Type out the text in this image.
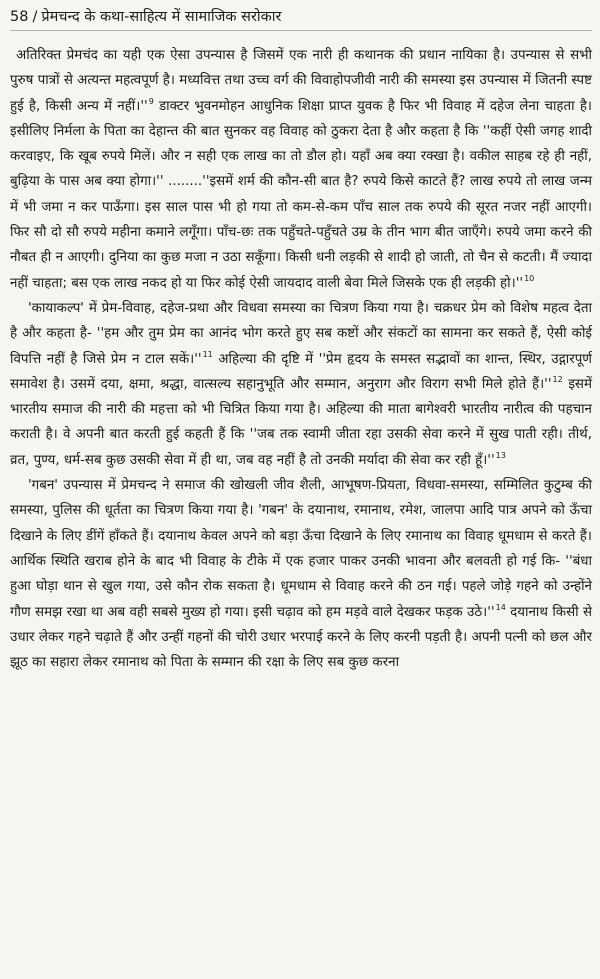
58 / प्रेमचन्द के कथा-साहित्य में सामाजिक सरोकार

अतिरिक्त प्रेमचंद का यही एक ऐसा उपन्यास है जिसमें एक नारी ही कथानक की प्रधान नायिका है। उपन्यास से सभी पुरुष पात्रों से अत्यन्त महत्वपूर्ण है। मध्यवित्त तथा उच्च वर्ग की विवाहोपजीवी नारी की समस्या इस उपन्यास में जितनी स्पष्ट हुई है, किसी अन्य में $नहीं।''^9$ डाक्टर भुवनमोहन आधुनिक शिक्षा प्राप्त युवक है फिर भी विवाह में दहेज लेना चाहता है। इसीलिए निर्मला के पिता का देहान्त की बात सुनकर वह विवाह को ठुकरा देता है और कहता है कि ''कहीं ऐसी जगह शादी करवाइए, कि खूब रुपये मिलें। और न सही एक लाख का तो डौल हो। यहाँ अब क्या रक्खा है। वकील साहब रहे ही नहीं, बुढ़िया के पास अब क्या होगा।'' ........''इसमें शर्म की कौन-सी बात है? रुपये किसे काटते हैं? लाख रुपये तो लाख जन्म में भी जमा न कर पाऊँगा। इस साल पास भी हो गया तो कम-से-कम पाँच साल तक रुपये की सूरत नजर नहीं आएगी। फिर सौ दो सौ रुपये महीना कमाने लगूँगा। पाँच-छः तक पहुँचते-पहुँचते उम्र के तीन भाग बीत जाएँगे। रुपये जमा करने की नौबत ही न आएगी। दुनिया का कुछ मजा न उठा सकूँगा। किसी धनी लड़की से शादी हो जाती, तो चैन से कटती। मैं ज्यादा नहीं चाहता; बस एक लाख नकद हो या फिर कोई ऐसी जायदाद वाली बेवा मिले जिसके एक ही लड़की $हो।''^{10}$

'कायाकल्प' में प्रेम-विवाह, दहेज-प्रथा और विधवा समस्या का चित्रण किया गया है। चक्रधर प्रेम को विशेष महत्व देता है और कहता है- ''हम और तुम प्रेम का आनंद भोग करते हुए सब कष्टों और संकटों का सामना कर सकते हैं, ऐसी कोई विपत्ति नहीं है जिसे प्रेम न टाल $सकें।''^{11}$ अहिल्या की दृष्टि में ''प्रेम हृदय के समस्त सद्भावों का शान्त, स्थिर, उद्गारपूर्ण समावेश है। उसमें दया, क्षमा, श्रद्धा, वात्सल्य सहानुभूति और सम्मान, अनुराग और विराग सभी मिले होते $हैं।''^{12}$ इसमें भारतीय समाज की नारी की महत्ता को भी चित्रित किया गया है। अहिल्या की माता बागेश्वरी भारतीय नारीत्व की पहचान कराती है। वे अपनी बात करती हुई कहती हैं कि ''जब तक स्वामी जीता रहा उसकी सेवा करने में सुख पाती रही। तीर्थ, व्रत, पुण्य, धर्म-सब कुछ उसकी सेवा में ही था, जब वह नहीं है तो उनकी मर्यादा की सेवा कर रही $हूँ।''^{13}$

'गबन' उपन्यास में प्रेमचन्द ने समाज की खोखली जीव शैली, आभूषण-प्रियता, विधवा-समस्या, सम्मिलित कुटुम्ब की समस्या, पुलिस की धूर्तता का चित्रण किया गया है। 'गबन' के दयानाथ, रमानाथ, रमेश, जालपा आदि पात्र अपने को ऊँचा दिखाने के लिए डींगें हाँकते हैं। दयानाथ केवल अपने को बड़ा ऊँचा दिखाने के लिए रमानाथ का विवाह धूमधाम से करते हैं। आर्थिक स्थिति खराब होने के बाद भी विवाह के टीके में एक हजार पाकर उनकी भावना और बलवती हो गई कि- ''बंधा हुआ घोड़ा थान से खुल गया, उसे कौन रोक सकता है। धूमधाम से विवाह करने की ठन गई। पहले जोड़े गहने को उन्होंने गौण समझ रखा था अब वही सबसे मुख्य हो गया। इसी चढ़ाव को हम मड़वे वाले देखकर फड़क $उठे।''^{14}$ दयानाथ किसी से उधार लेकर गहने चढ़ाते हैं और उन्हीं गहनों की चोरी उधार भरपाई करने के लिए करनी पड़ती है। अपनी पत्नी को छल और झूठ का सहारा लेकर रमानाथ को पिता के सम्मान की रक्षा के लिए सब कुछ करना
